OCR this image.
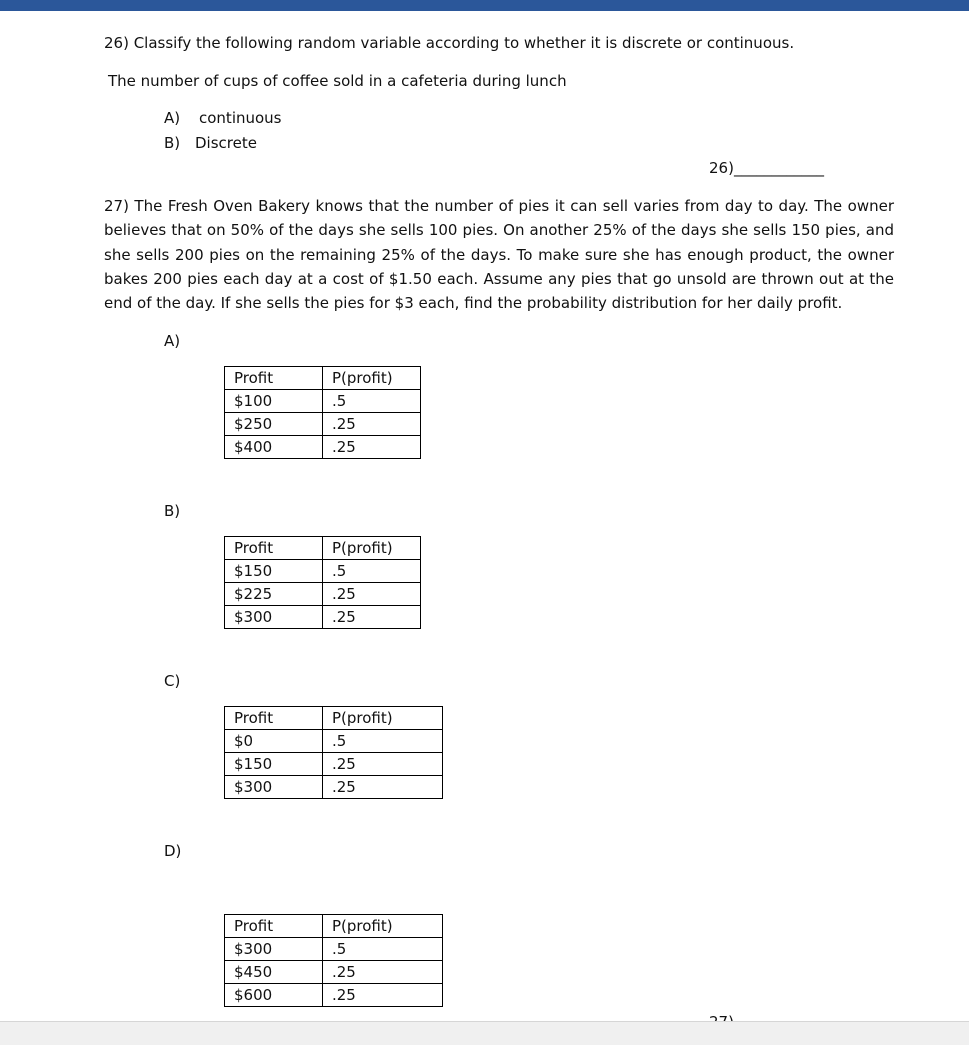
26) Classify the following random variable according to whether it is discrete or continuous.
The number of cups of coffee sold in a cafeteria during lunch
A) continuous
B) Discrete
26)____________
27) The Fresh Oven Bakery knows that the number of pies it can sell varies from day to day. The owner believes that on 50% of the days she sells 100 pies. On another 25% of the days she sells 150 pies, and she sells 200 pies on the remaining 25% of the days. To make sure she has enough product, the owner bakes 200 pies each day at a cost of $1.50 each. Assume any pies that go unsold are thrown out at the end of the day. If she sells the pies for $3 each, find the probability distribution for her daily profit.
A)
Profit	P(profit)
$100	.5
$250	.25
$400	.25
B)
Profit	P(profit)
$150	.5
$225	.25
$300	.25
C)
Profit	P(profit)
$0	.5
$150	.25
$300	.25
D)
Profit	P(profit)
$300	.5
$450	.25
$600	.25
